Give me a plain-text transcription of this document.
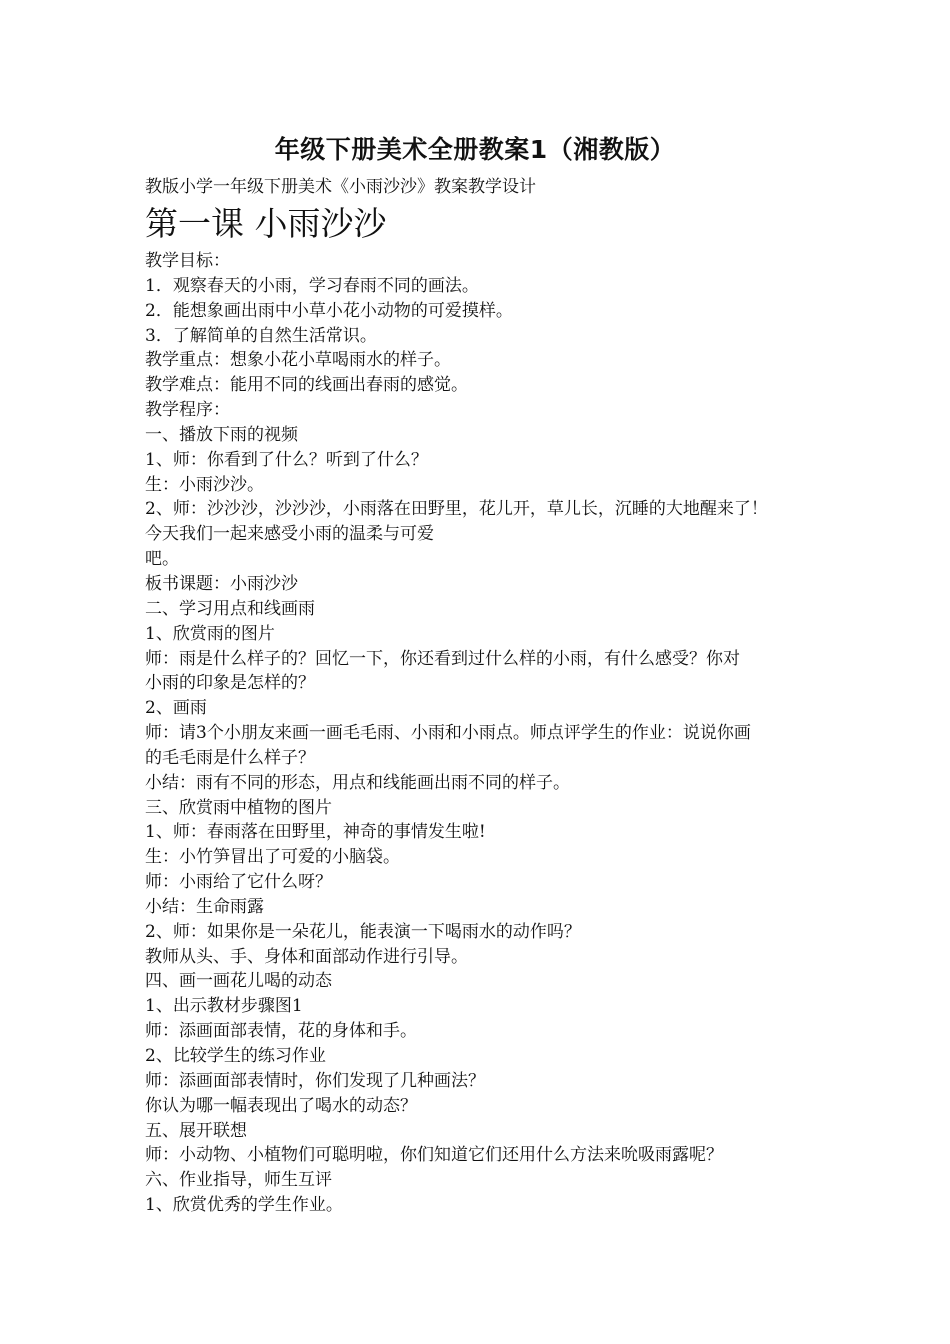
年级下册美术全册教案1（湘教版）
教版小学一年级下册美术《小雨沙沙》教案教学设计
第一课 小雨沙沙
教学目标：
1．观察春天的小雨，学习春雨不同的画法。
2．能想象画出雨中小草小花小动物的可爱摸样。
3．了解简单的自然生活常识。
教学重点：想象小花小草喝雨水的样子。
教学难点：能用不同的线画出春雨的感觉。
教学程序：
一、播放下雨的视频
1、师：你看到了什么？听到了什么？
生：小雨沙沙。
2、师：沙沙沙，沙沙沙，小雨落在田野里，花儿开，草儿长，沉睡的大地醒来了！
今天我们一起来感受小雨的温柔与可爱
吧。
板书课题：小雨沙沙
二、学习用点和线画雨
1、欣赏雨的图片
师：雨是什么样子的？回忆一下，你还看到过什么样的小雨，有什么感受？你对
小雨的印象是怎样的？
2、画雨
师：请3个小朋友来画一画毛毛雨、小雨和小雨点。师点评学生的作业：说说你画
的毛毛雨是什么样子？
小结：雨有不同的形态，用点和线能画出雨不同的样子。
三、欣赏雨中植物的图片
1、师：春雨落在田野里，神奇的事情发生啦!
生：小竹笋冒出了可爱的小脑袋。
师：小雨给了它什么呀？
小结：生命雨露
2、师：如果你是一朵花儿，能表演一下喝雨水的动作吗？
教师从头、手、身体和面部动作进行引导。
四、画一画花儿喝的动态
1、出示教材步骤图1
师：添画面部表情，花的身体和手。
2、比较学生的练习作业
师：添画面部表情时，你们发现了几种画法？
你认为哪一幅表现出了喝水的动态？
五、展开联想
师：小动物、小植物们可聪明啦，你们知道它们还用什么方法来吮吸雨露呢？
六、作业指导，师生互评
1、欣赏优秀的学生作业。
